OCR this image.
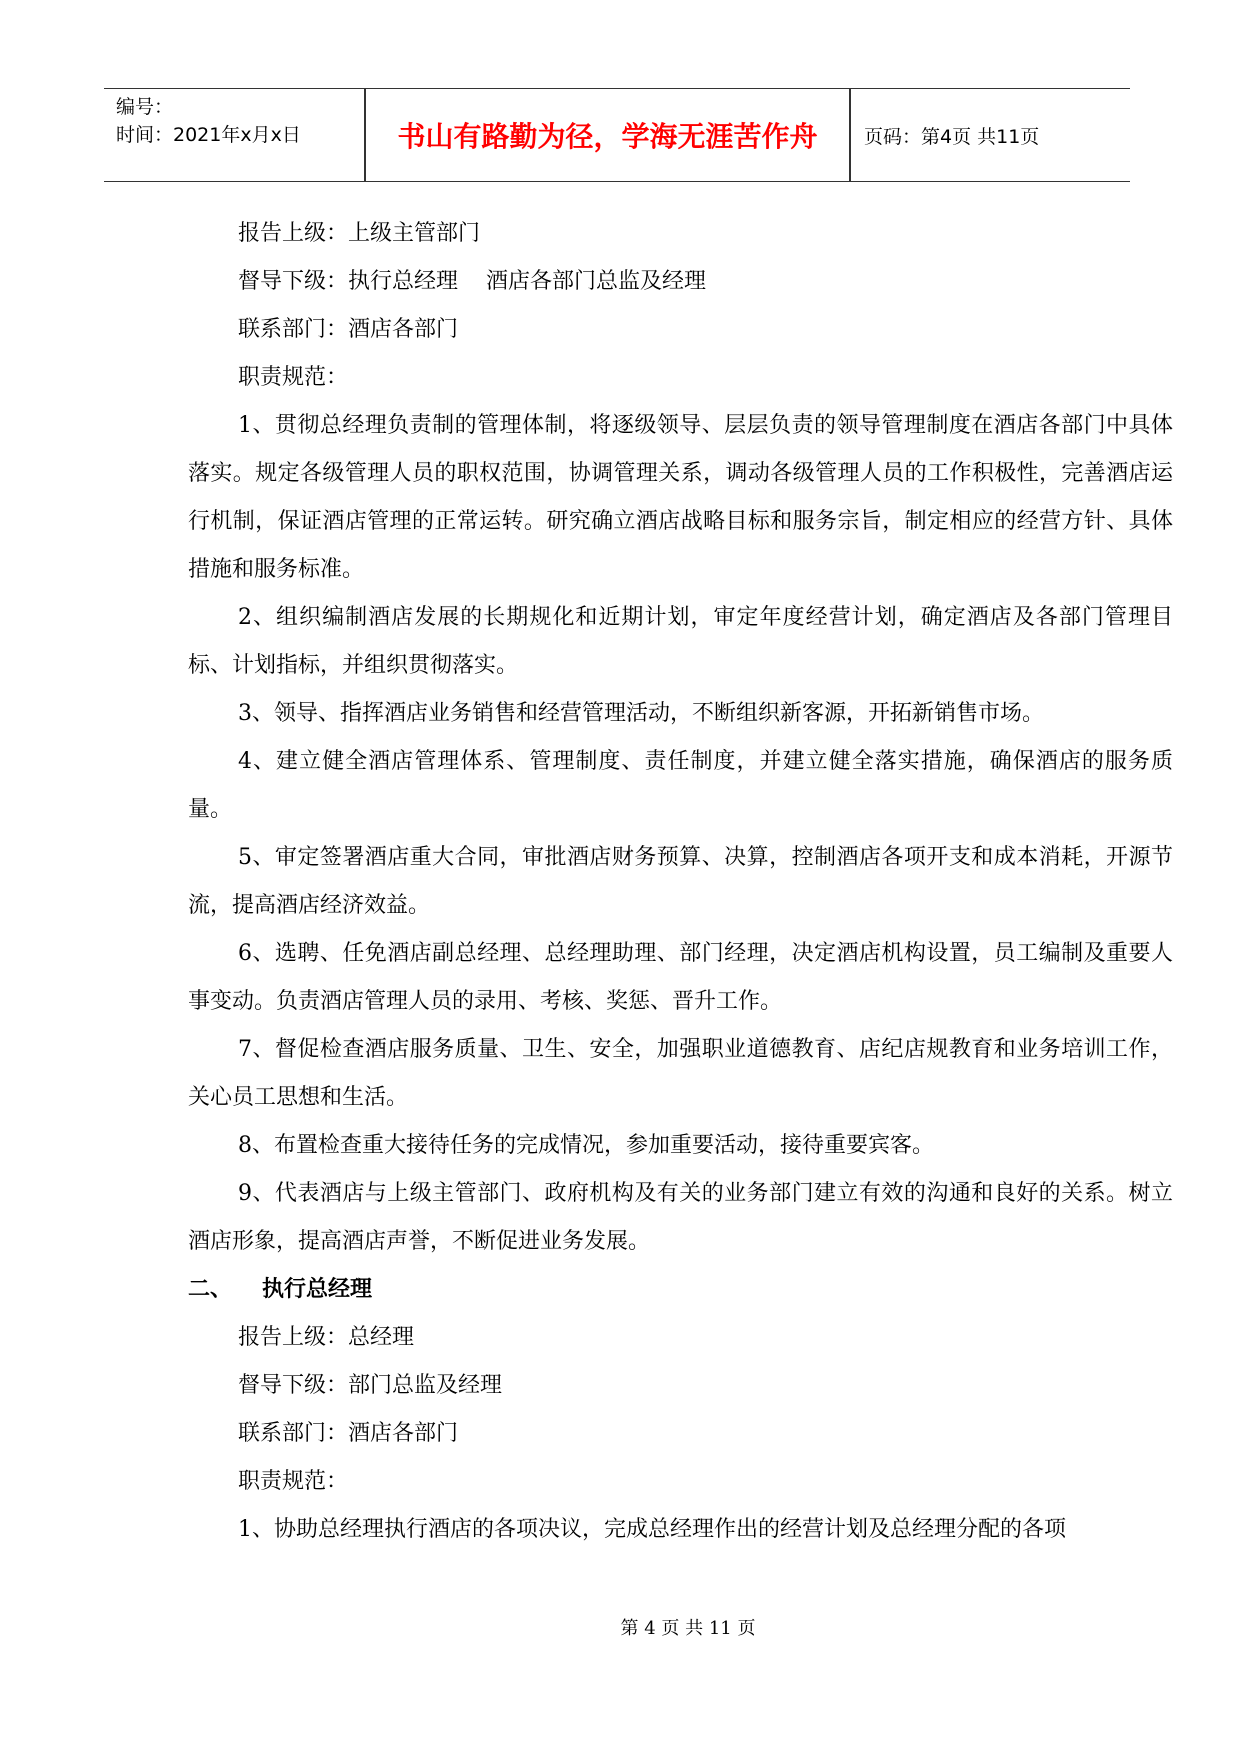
编号：
时间：2021年x月x日	书山有路勤为径，学海无涯苦作舟	页码：第4页 共11页

报告上级：上级主管部门

督导下级：执行总经理    酒店各部门总监及经理

联系部门：酒店各部门

职责规范：

1、贯彻总经理负责制的管理体制，将逐级领导、层层负责的领导管理制度在酒店各部门中具体落实。规定各级管理人员的职权范围，协调管理关系，调动各级管理人员的工作积极性，完善酒店运行机制，保证酒店管理的正常运转。研究确立酒店战略目标和服务宗旨，制定相应的经营方针、具体措施和服务标准。

2、组织编制酒店发展的长期规化和近期计划，审定年度经营计划，确定酒店及各部门管理目标、计划指标，并组织贯彻落实。

3、领导、指挥酒店业务销售和经营管理活动，不断组织新客源，开拓新销售市场。

4、建立健全酒店管理体系、管理制度、责任制度，并建立健全落实措施，确保酒店的服务质量。

5、审定签署酒店重大合同，审批酒店财务预算、决算，控制酒店各项开支和成本消耗，开源节流，提高酒店经济效益。

6、选聘、任免酒店副总经理、总经理助理、部门经理，决定酒店机构设置，员工编制及重要人事变动。负责酒店管理人员的录用、考核、奖惩、晋升工作。

7、督促检查酒店服务质量、卫生、安全，加强职业道德教育、店纪店规教育和业务培训工作，关心员工思想和生活。

8、布置检查重大接待任务的完成情况，参加重要活动，接待重要宾客。

9、代表酒店与上级主管部门、政府机构及有关的业务部门建立有效的沟通和良好的关系。树立酒店形象，提高酒店声誉，不断促进业务发展。

二、 执行总经理

报告上级：总经理

督导下级：部门总监及经理

联系部门：酒店各部门

职责规范：

1、协助总经理执行酒店的各项决议，完成总经理作出的经营计划及总经理分配的各项

第 4 页 共 11 页
